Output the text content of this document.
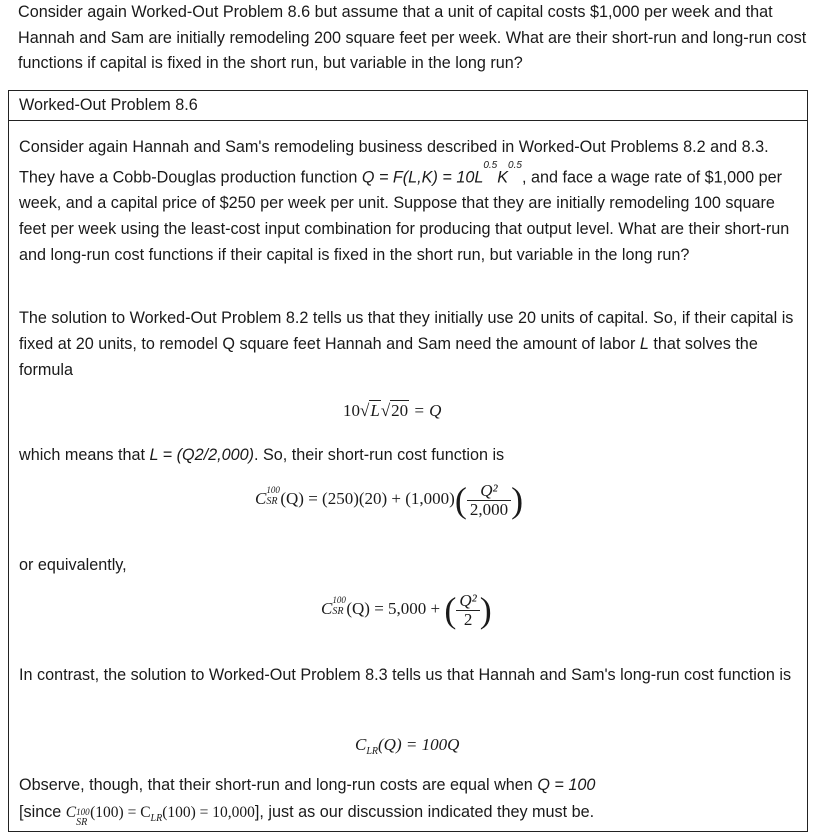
Consider again Worked-Out Problem 8.6 but assume that a unit of capital costs $1,000 per week and that Hannah and Sam are initially remodeling 200 square feet per week. What are their short-run and long-run cost functions if capital is fixed in the short run, but variable in the long run?
Worked-Out Problem 8.6
Consider again Hannah and Sam's remodeling business described in Worked-Out Problems 8.2 and 8.3. They have a Cobb-Douglas production function $Q = F(L,K) = 10L^{0.5}K^{0.5}$, and face a wage rate of $1,000 per week, and a capital price of $250 per week per unit. Suppose that they are initially remodeling 100 square feet per week using the least-cost input combination for producing that output level. What are their short-run and long-run cost functions if their capital is fixed in the short run, but variable in the long run?
The solution to Worked-Out Problem 8.2 tells us that they initially use 20 units of capital. So, if their capital is fixed at 20 units, to remodel Q square feet Hannah and Sam need the amount of labor L that solves the formula
10√L√20 = Q
which means that L = (Q2/2,000). So, their short-run cost function is
C 100
SR $(Q) = (250)(20) + (1,000)( \frac{\text{Q²}}{2,000}$ )
or equivalently,
C 100
SR (Q) = 5,000 + ( $\frac{\text{Q²}}{2}$ )
In contrast, the solution to Worked-Out Problem 8.3 tells us that Hannah and Sam's long-run cost function is
$C_{LR}(Q) = 100Q$
Observe, though, that their short-run and long-run costs are equal when Q = 100
[since C 100
SR
$(100) = C_{LR}(100) = 10,000$], just as our discussion indicated they must be.
